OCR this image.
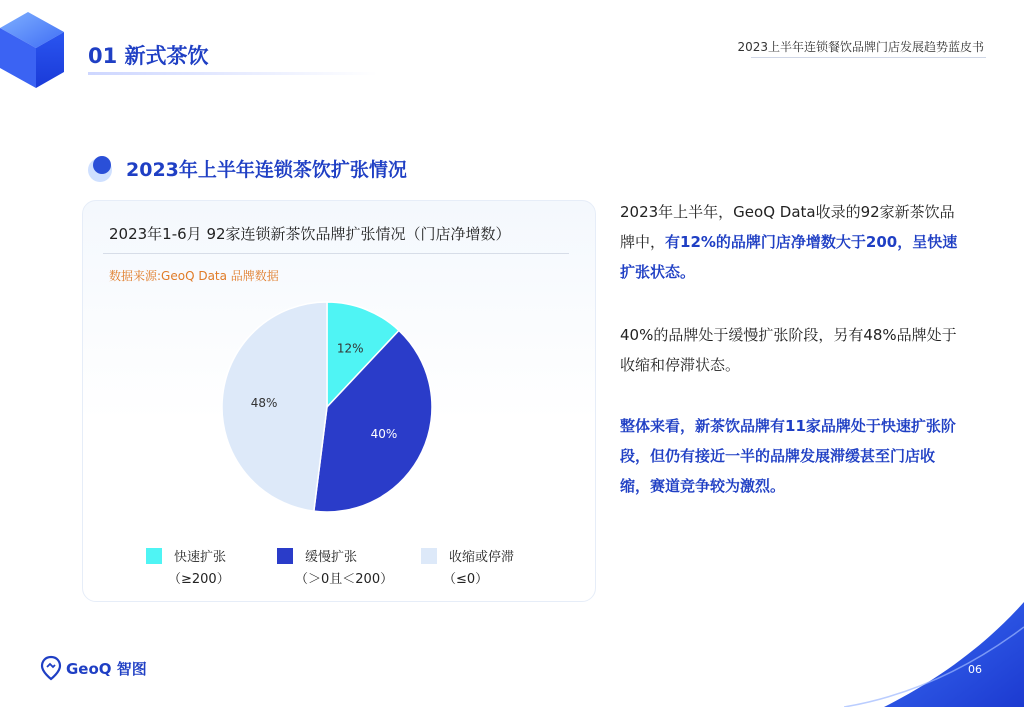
01 新式茶饮	2023上半年连锁餐饮品牌门店发展趋势蓝皮书
2023年上半年连锁茶饮扩张情况
2023年1-6月 92家连锁新茶饮品牌扩张情况（门店净增数）
数据来源:GeoQ Data 品牌数据
12%
40%
48%
快速扩张
（≥200）
缓慢扩张
（＞0且＜200）
收缩或停滞
（≤0）
2023年上半年，GeoQ Data收录的92家新茶饮品牌中，有12%的品牌门店净增数大于200，呈快速扩张状态。
40%的品牌处于缓慢扩张阶段，另有48%品牌处于收缩和停滞状态。
整体来看，新茶饮品牌有11家品牌处于快速扩张阶段，但仍有接近一半的品牌发展滞缓甚至门店收缩，赛道竞争较为激烈。
GeoQ 智图	06
